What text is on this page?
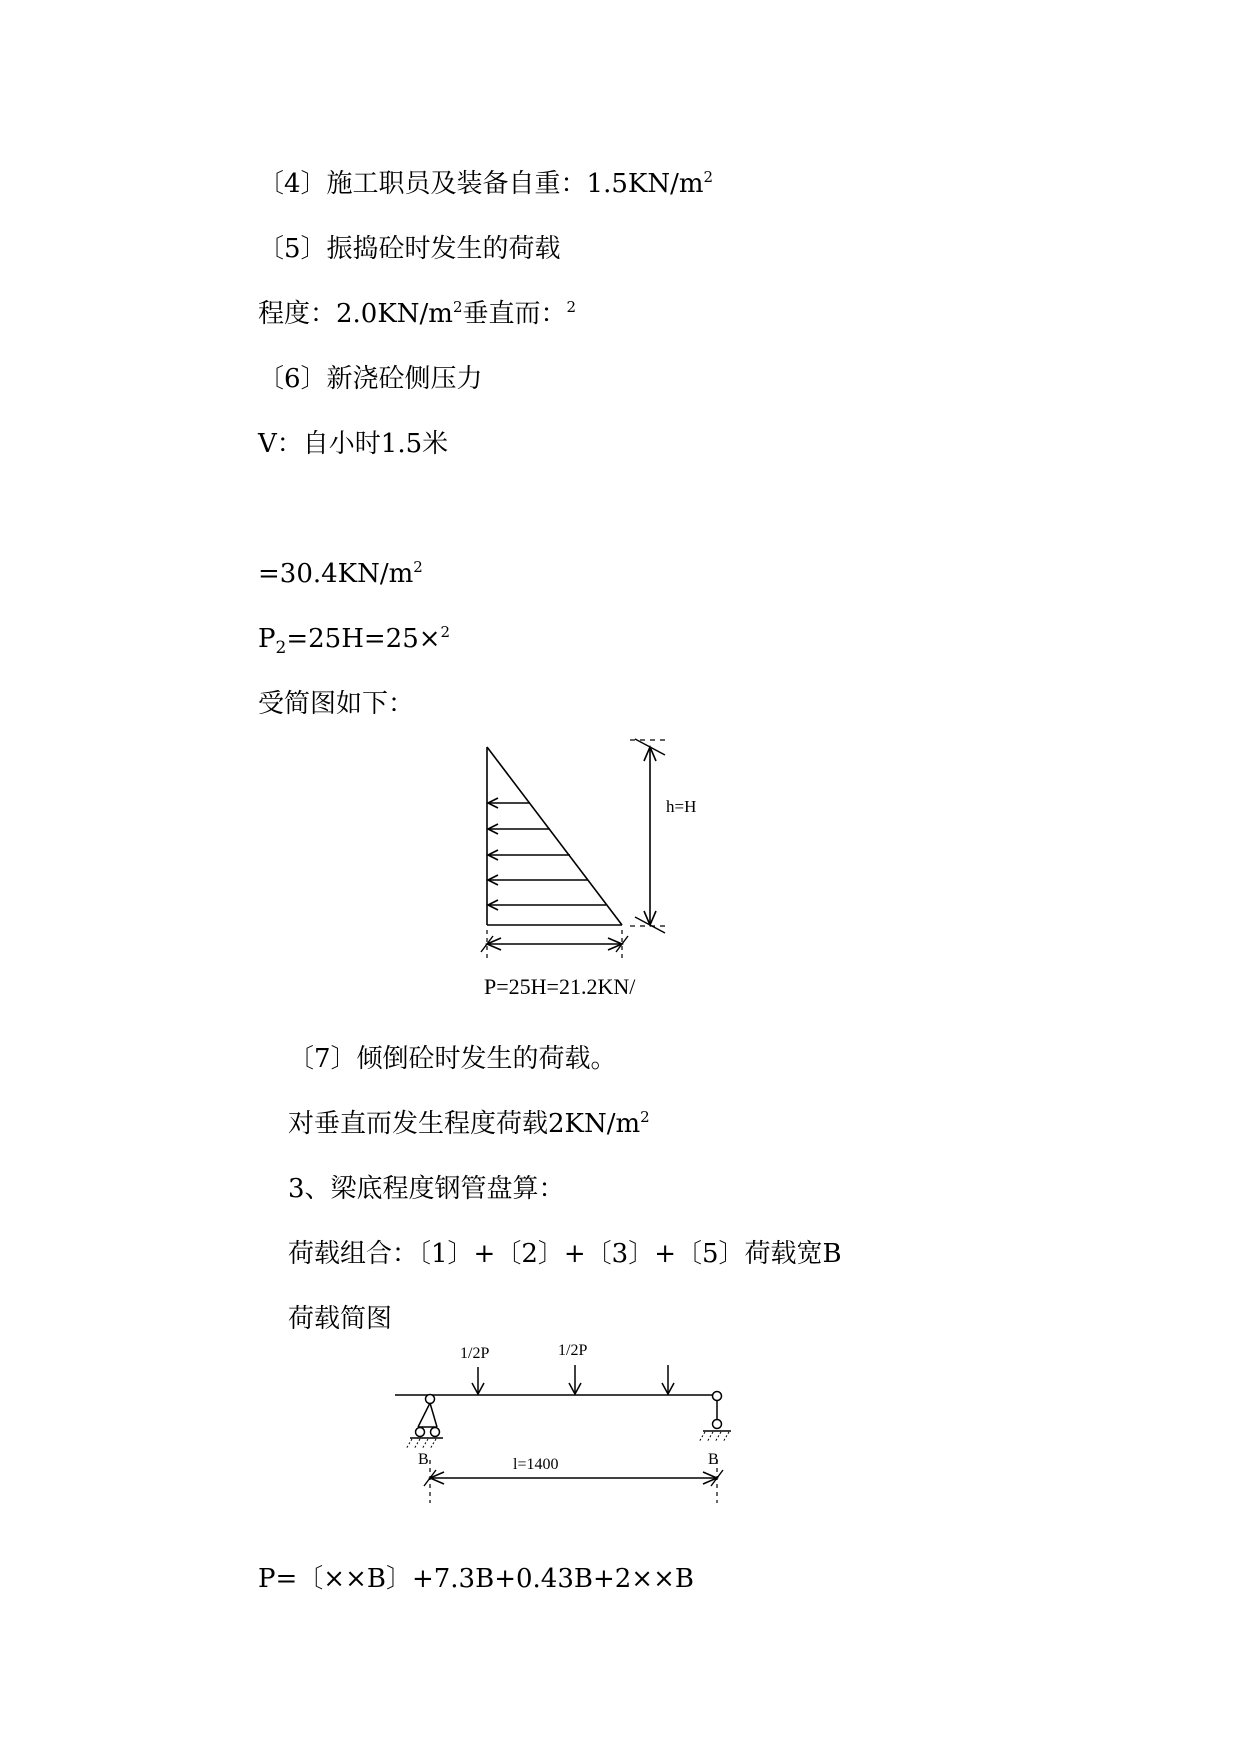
〔4〕施工职员及装备自重：$1.5KN/m^2$
〔5〕振捣砼时发生的荷载
程度：$2.0KN/m^2$垂直而：$^2$
〔6〕新浇砼侧压力
V：自小时1.5米
$=30.4KN/m^2$
$P_2=25H=25\times^2$
受简图如下：
h=H
P=25H=21.2KN/
〔7〕倾倒砼时发生的荷载。
对垂直而发生程度荷载$2KN/m^2$
3、梁底程度钢管盘算：
荷载组合：〔1〕+〔2〕+〔3〕+〔5〕荷载宽B
荷载简图
1/2P	1/2P
B	B
l=1400
P=〔××B〕+7.3B+0.43B+2××B
